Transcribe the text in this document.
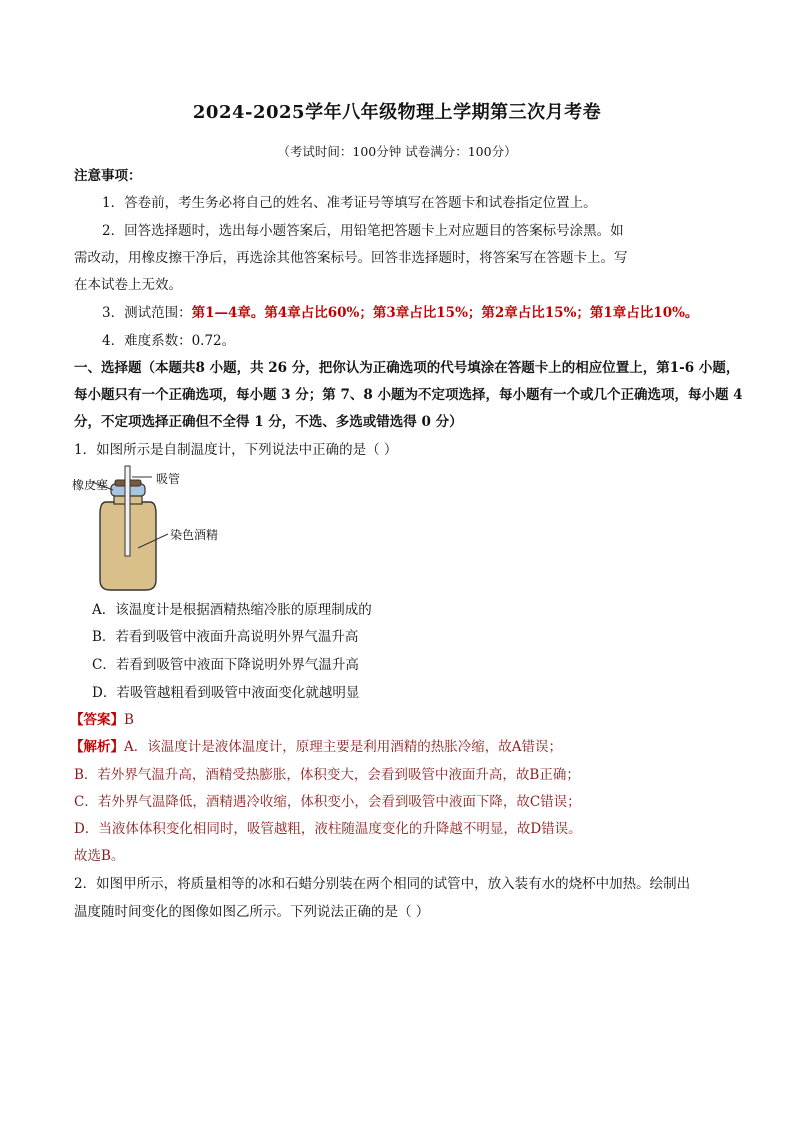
2024-2025学年八年级物理上学期第三次月考卷
（考试时间：100分钟 试卷满分：100分）
注意事项：
1．答卷前，考生务必将自己的姓名、准考证号等填写在答题卡和试卷指定位置上。
2．回答选择题时，选出每小题答案后，用铅笔把答题卡上对应题目的答案标号涂黑。如
需改动，用橡皮擦干净后，再选涂其他答案标号。回答非选择题时，将答案写在答题卡上。写
在本试卷上无效。
3．测试范围：第1—4章。第4章占比60%；第3章占比15%；第2章占比15%；第1章占比10%。
4．难度系数：0.72。
一、选择题（本题共8 小题，共 26 分，把你认为正确选项的代号填涂在答题卡上的相应位置上，第1-6 小题，
每小题只有一个正确选项，每小题 3 分；第 7、8 小题为不定项选择，每小题有一个或几个正确选项，每小题 4
分，不定项选择正确但不全得 1 分，不选、多选或错选得 0 分）
1．如图所示是自制温度计，下列说法中正确的是（ ）
吸管
橡皮塞
染色酒精
A．该温度计是根据酒精热缩冷胀的原理制成的
B．若看到吸管中液面升高说明外界气温升高
C．若看到吸管中液面下降说明外界气温升高
D．若吸管越粗看到吸管中液面变化就越明显
【答案】B
【解析】A．该温度计是液体温度计，原理主要是利用酒精的热胀冷缩，故A错误；
B．若外界气温升高，酒精受热膨胀，体积变大，会看到吸管中液面升高，故B正确；
C．若外界气温降低，酒精遇冷收缩，体积变小，会看到吸管中液面下降，故C错误；
D．当液体体积变化相同时，吸管越粗，液柱随温度变化的升降越不明显，故D错误。
故选B。
2．如图甲所示，将质量相等的冰和石蜡分别装在两个相同的试管中，放入装有水的烧杯中加热。绘制出
温度随时间变化的图像如图乙所示。下列说法正确的是（ ）
